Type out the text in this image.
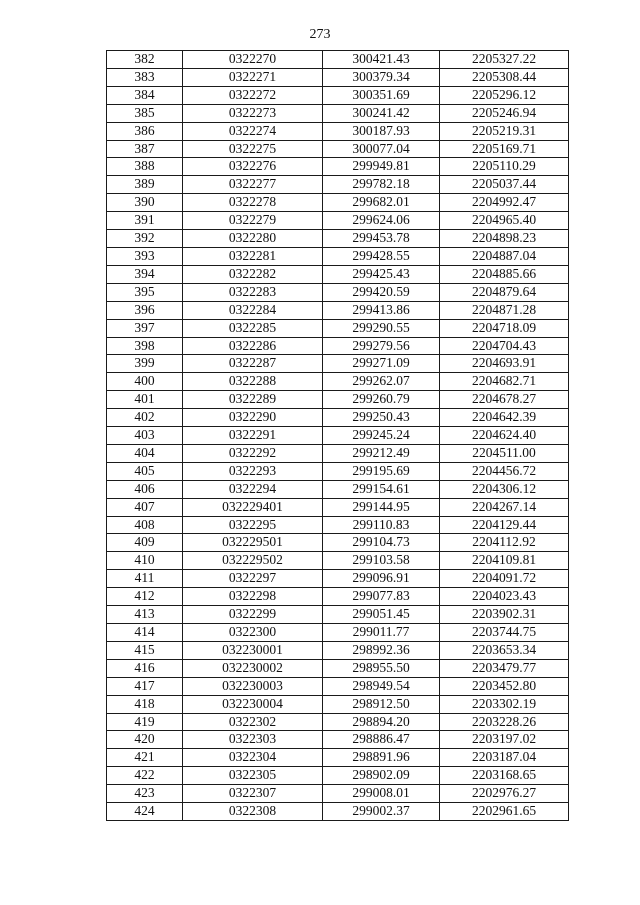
273
382	0322270	300421.43	2205327.22
383	0322271	300379.34	2205308.44
384	0322272	300351.69	2205296.12
385	0322273	300241.42	2205246.94
386	0322274	300187.93	2205219.31
387	0322275	300077.04	2205169.71
388	0322276	299949.81	2205110.29
389	0322277	299782.18	2205037.44
390	0322278	299682.01	2204992.47
391	0322279	299624.06	2204965.40
392	0322280	299453.78	2204898.23
393	0322281	299428.55	2204887.04
394	0322282	299425.43	2204885.66
395	0322283	299420.59	2204879.64
396	0322284	299413.86	2204871.28
397	0322285	299290.55	2204718.09
398	0322286	299279.56	2204704.43
399	0322287	299271.09	2204693.91
400	0322288	299262.07	2204682.71
401	0322289	299260.79	2204678.27
402	0322290	299250.43	2204642.39
403	0322291	299245.24	2204624.40
404	0322292	299212.49	2204511.00
405	0322293	299195.69	2204456.72
406	0322294	299154.61	2204306.12
407	032229401	299144.95	2204267.14
408	0322295	299110.83	2204129.44
409	032229501	299104.73	2204112.92
410	032229502	299103.58	2204109.81
411	0322297	299096.91	2204091.72
412	0322298	299077.83	2204023.43
413	0322299	299051.45	2203902.31
414	0322300	299011.77	2203744.75
415	032230001	298992.36	2203653.34
416	032230002	298955.50	2203479.77
417	032230003	298949.54	2203452.80
418	032230004	298912.50	2203302.19
419	0322302	298894.20	2203228.26
420	0322303	298886.47	2203197.02
421	0322304	298891.96	2203187.04
422	0322305	298902.09	2203168.65
423	0322307	299008.01	2202976.27
424	0322308	299002.37	2202961.65
